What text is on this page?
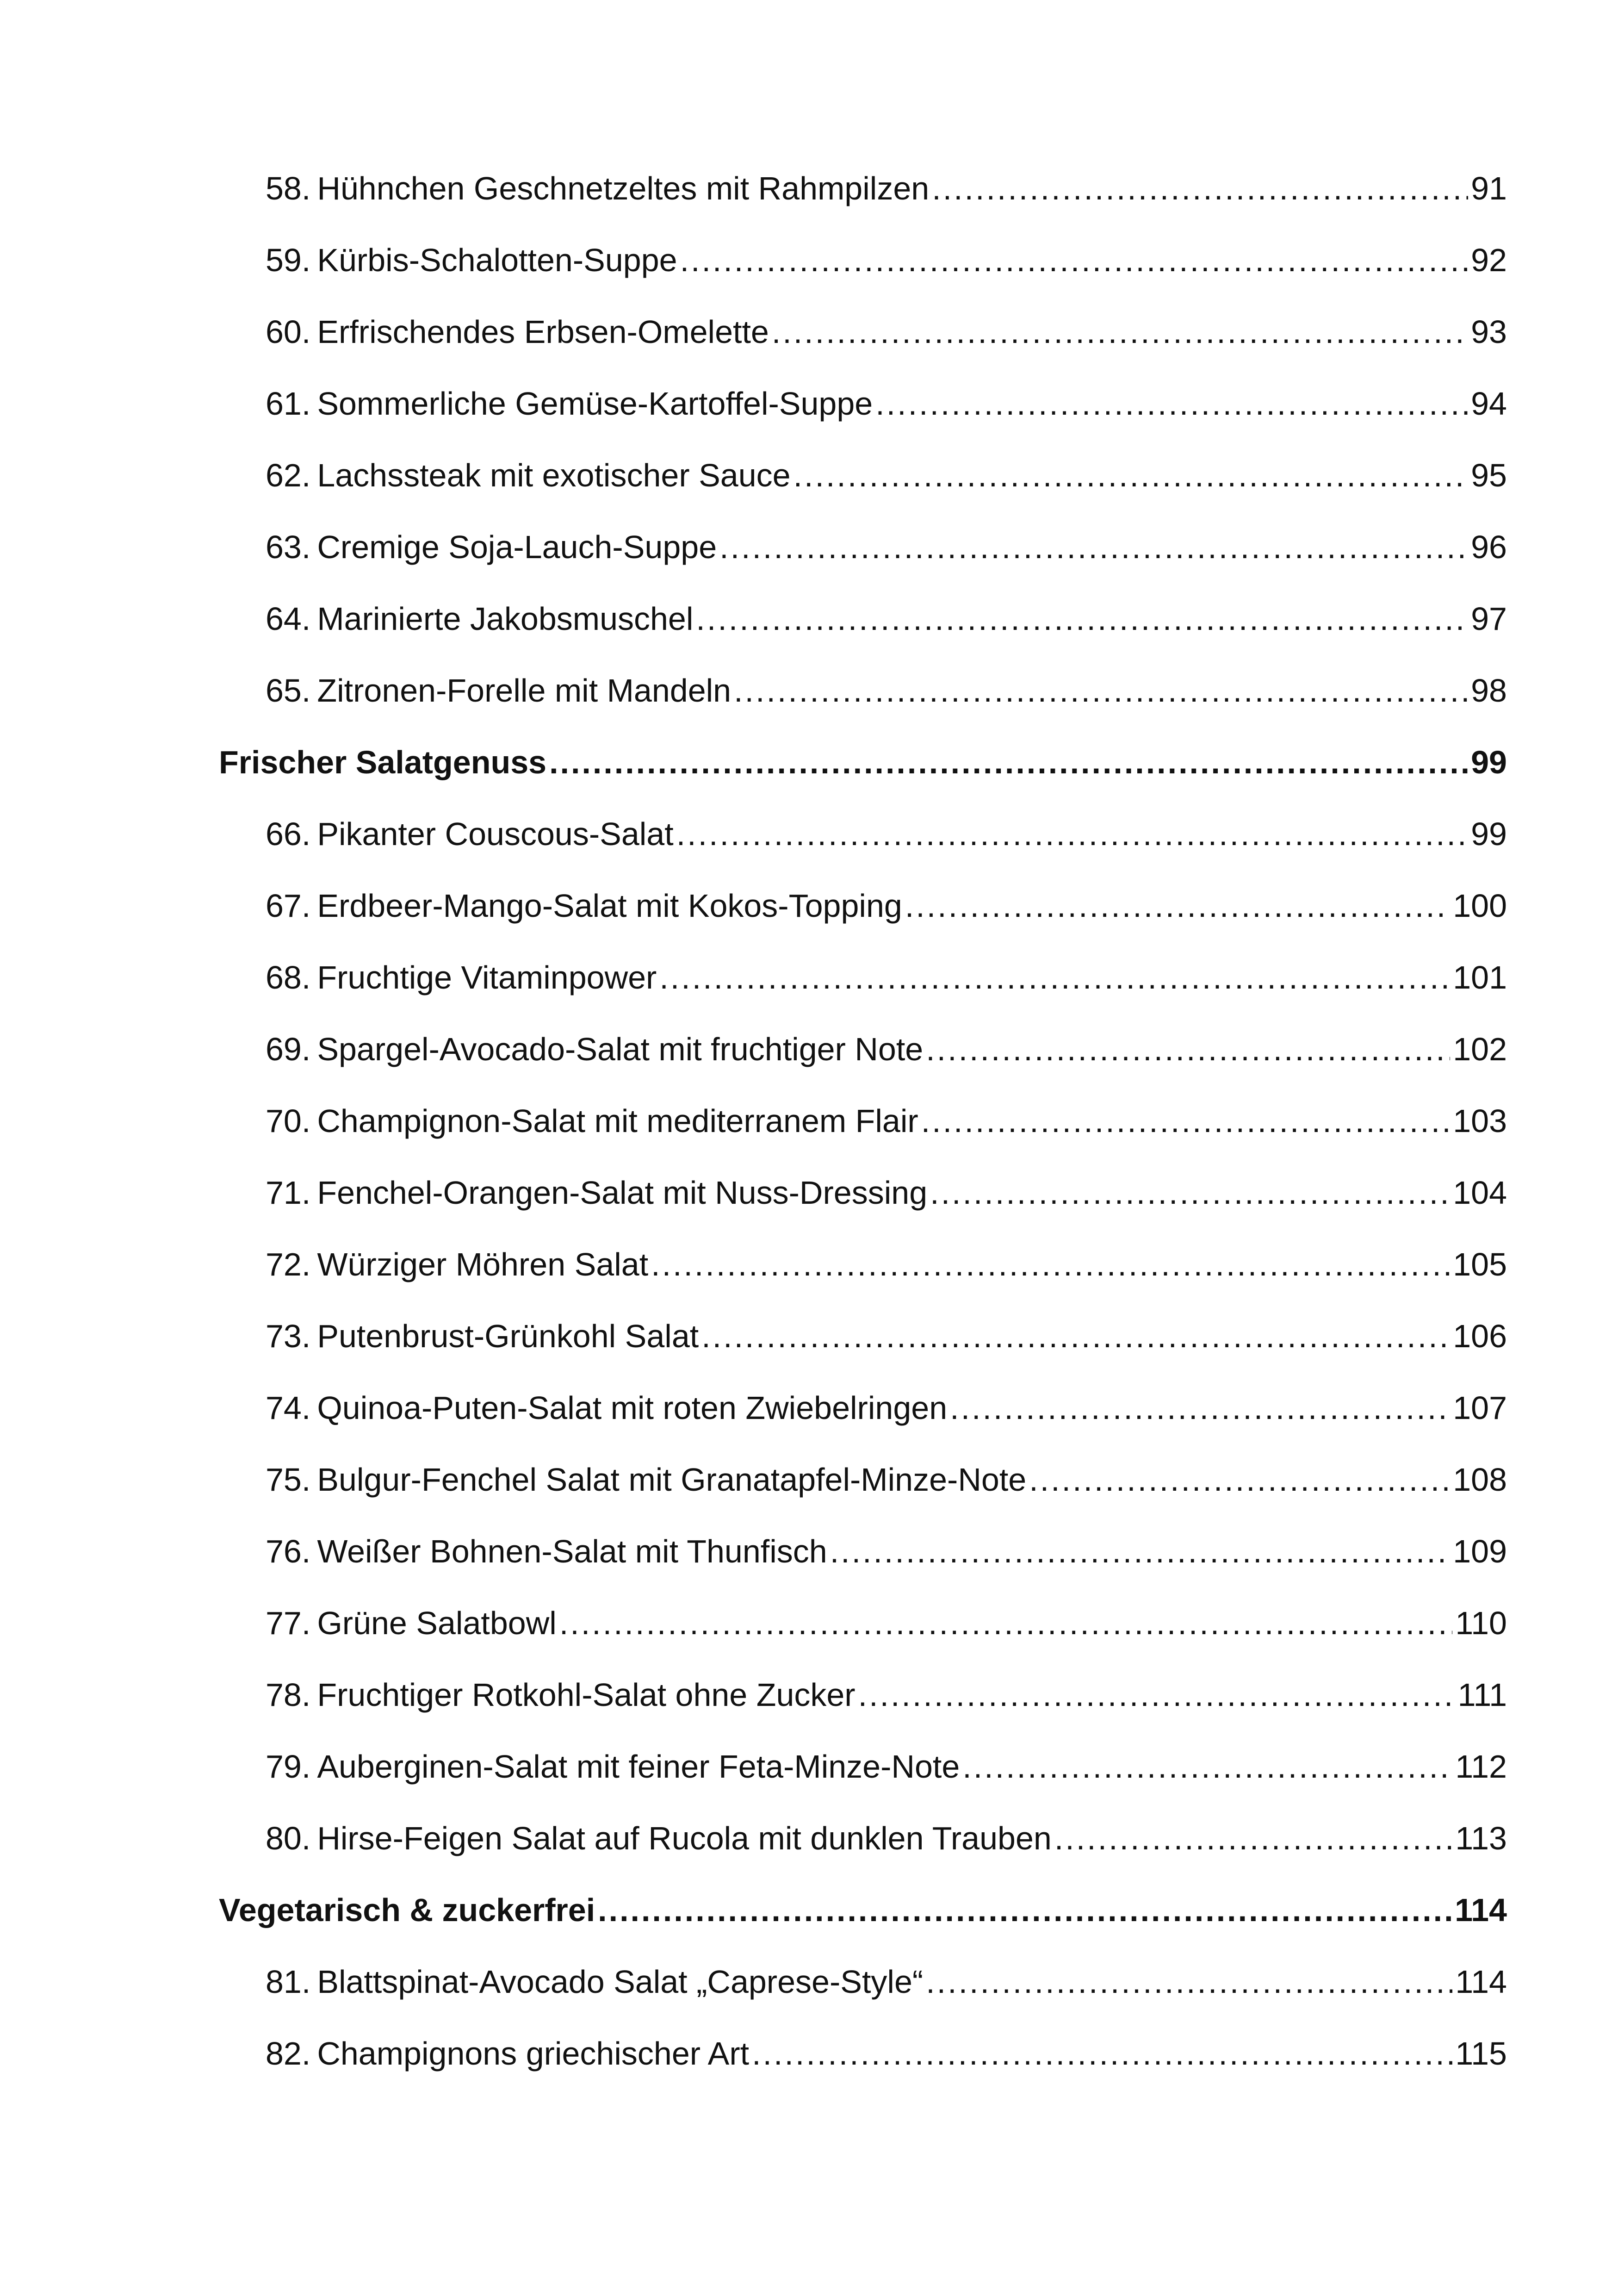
58. Hühnchen Geschnetzeltes mit Rahmpilzen .....	91
59. Kürbis-Schalotten-Suppe .....	92
60. Erfrischendes Erbsen-Omelette .....	93
61. Sommerliche Gemüse-Kartoffel-Suppe .....	94
62. Lachssteak mit exotischer Sauce .....	95
63. Cremige Soja-Lauch-Suppe .....	96
64. Marinierte Jakobsmuschel .....	97
65. Zitronen-Forelle mit Mandeln .....	98
Frischer Salatgenuss .....	99
66. Pikanter Couscous-Salat .....	99
67. Erdbeer-Mango-Salat mit Kokos-Topping .....	100
68. Fruchtige Vitaminpower .....	101
69. Spargel-Avocado-Salat mit fruchtiger Note .....	102
70. Champignon-Salat mit mediterranem Flair .....	103
71. Fenchel-Orangen-Salat mit Nuss-Dressing .....	104
72. Würziger Möhren Salat .....	105
73. Putenbrust-Grünkohl Salat .....	106
74. Quinoa-Puten-Salat mit roten Zwiebelringen .....	107
75. Bulgur-Fenchel Salat mit Granatapfel-Minze-Note .....	108
76. Weißer Bohnen-Salat mit Thunfisch .....	109
77. Grüne Salatbowl .....	110
78. Fruchtiger Rotkohl-Salat ohne Zucker .....	111
79. Auberginen-Salat mit feiner Feta-Minze-Note .....	112
80. Hirse-Feigen Salat auf Rucola mit dunklen Trauben .....	113
Vegetarisch & zuckerfrei .....	114
81. Blattspinat-Avocado Salat „Caprese-Style“ .....	114
82. Champignons griechischer Art .....	115
